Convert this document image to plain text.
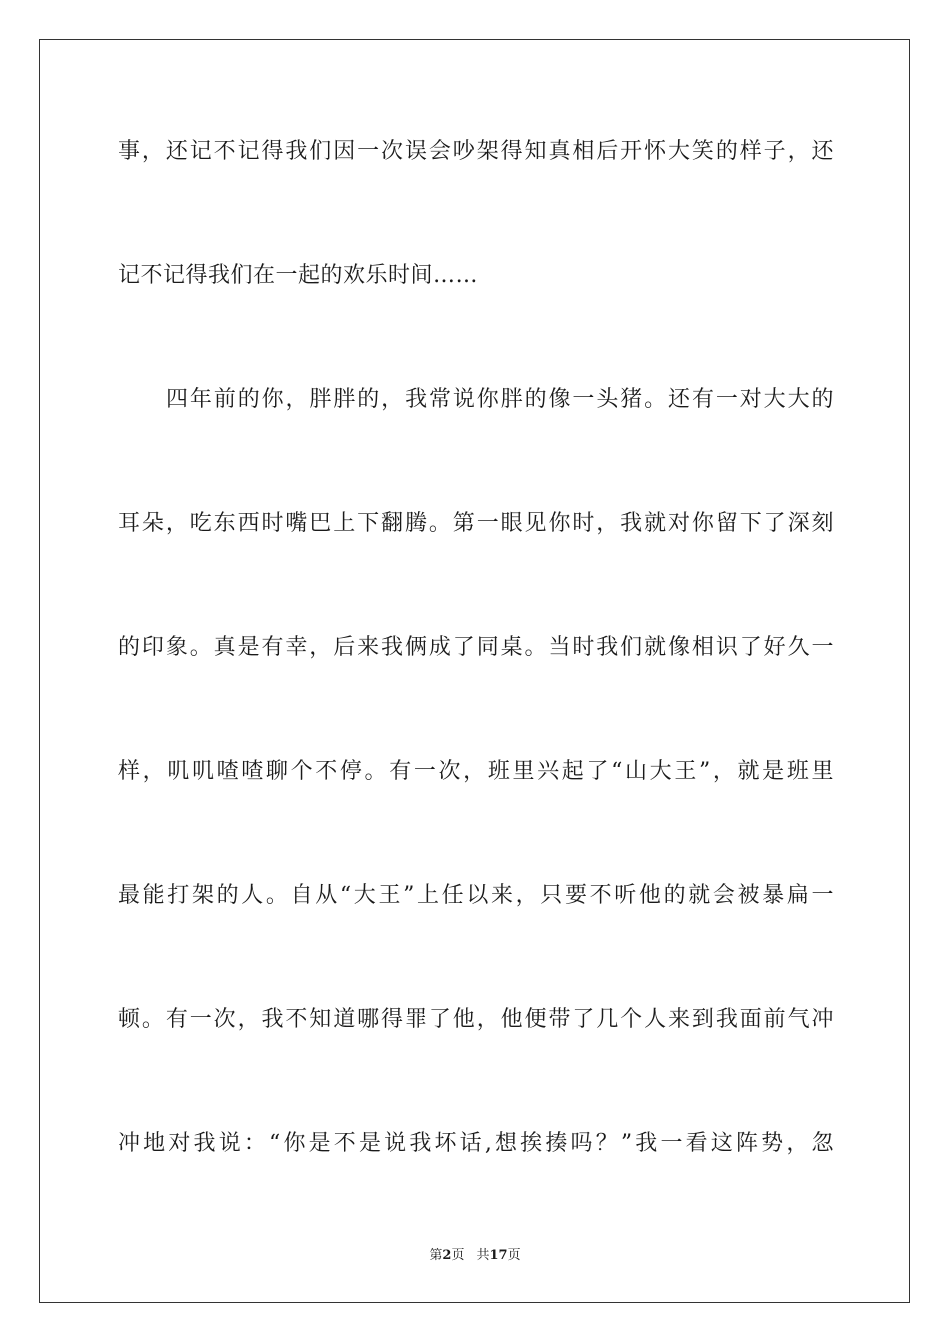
事，还记不记得我们因一次误会吵架得知真相后开怀大笑的样子，还
记不记得我们在一起的欢乐时间……
四年前的你，胖胖的，我常说你胖的像一头猪。还有一对大大的
耳朵，吃东西时嘴巴上下翻腾。第一眼见你时，我就对你留下了深刻
的印象。真是有幸，后来我俩成了同桌。当时我们就像相识了好久一
样，叽叽喳喳聊个不停。有一次，班里兴起了“山大王”，就是班里
最能打架的人。自从“大王”上任以来，只要不听他的就会被暴扁一
顿。有一次，我不知道哪得罪了他，他便带了几个人来到我面前气冲
冲地对我说：“你是不是说我坏话,想挨揍吗？”我一看这阵势，忽
第2页 共17页
